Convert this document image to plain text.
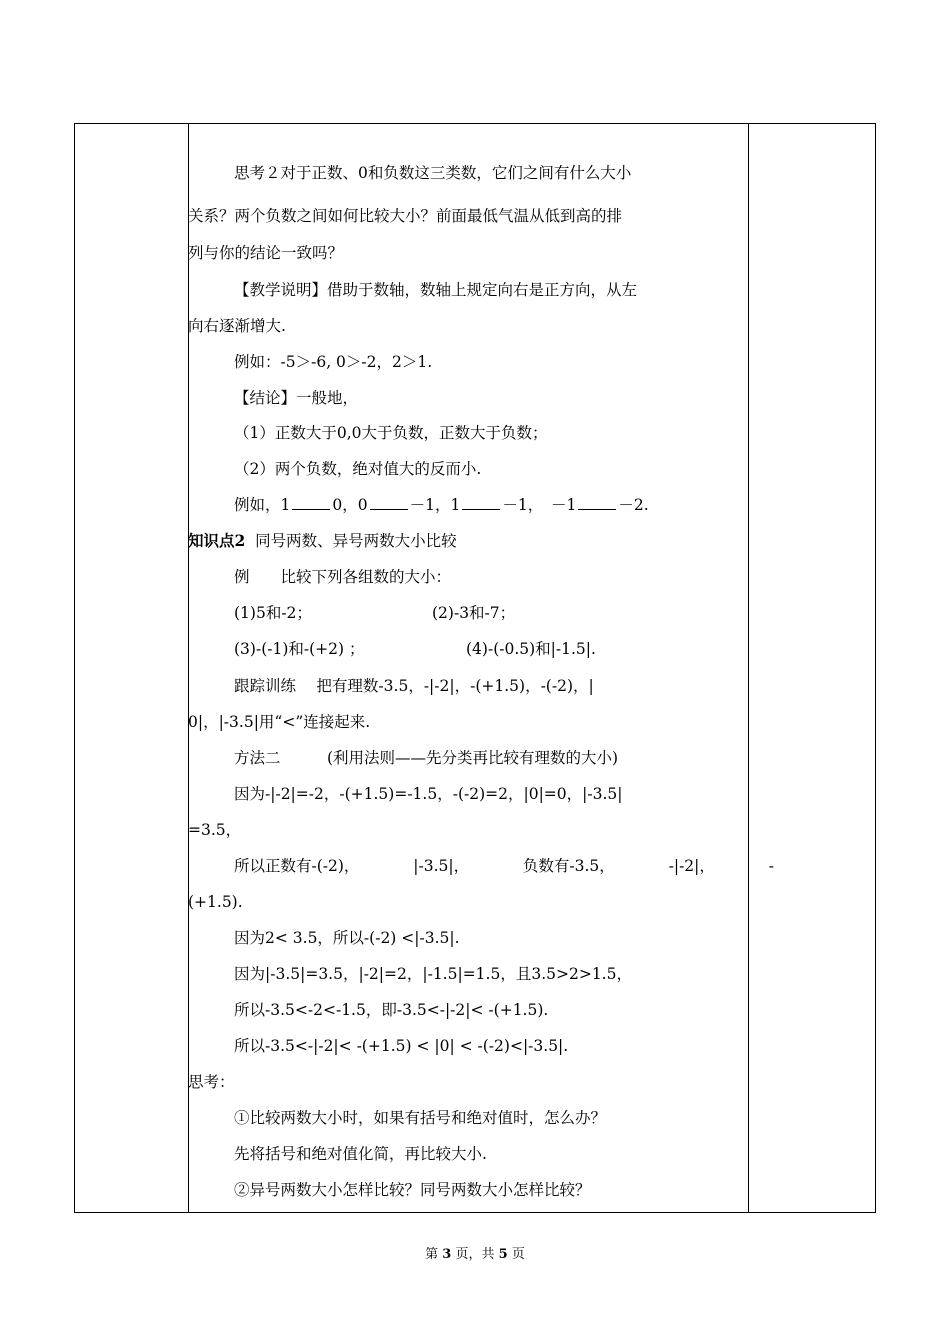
思考２对于正数、0和负数这三类数，它们之间有什么大小
关系？两个负数之间如何比较大小？前面最低气温从低到高的排
列与你的结论一致吗？
【教学说明】借助于数轴，数轴上规定向右是正方向，从左
向右逐渐增大.
例如：-5＞-6, 0＞-2，2＞1.
【结论】一般地，
（1）正数大于0,0大于负数，正数大于负数；
（2）两个负数，绝对值大的反而小.
例如，1	0，0	－1，1	－1，　－1	－2.
知识点2 同号两数、异号两数大小比较
例　　比较下列各组数的大小：
(1)5和-2；	(2)-3和-7；
(3)-(-1)和-(+2) ；	(4)-(-0.5)和|-1.5|.
跟踪训练　 把有理数-3.5，-|-2|，-(+1.5)，-(-2)，|
0|，|-3.5|用“<”连接起来.
方法二　　　(利用法则——先分类再比较有理数的大小)
因为-|-2|=-2，-(+1.5)=-1.5，-(-2)=2，|0|=0，|-3.5|
=3.5，
所以正数有-(-2)，	|-3.5|，	负数有-3.5，	-|-2|，	-
(+1.5).
因为2< 3.5，所以-(-2) <|-3.5|.
因为|-3.5|=3.5，|-2|=2，|-1.5|=1.5，且3.5>2>1.5，
所以-3.5<-2<-1.5，即-3.5<-|-2|< -(+1.5).
所以-3.5<-|-2|< -(+1.5) < |0| < -(-2)<|-3.5|.
思考：
①比较两数大小时，如果有括号和绝对值时，怎么办？
先将括号和绝对值化简，再比较大小.
②异号两数大小怎样比较？同号两数大小怎样比较？
第 3 页，共 5 页
